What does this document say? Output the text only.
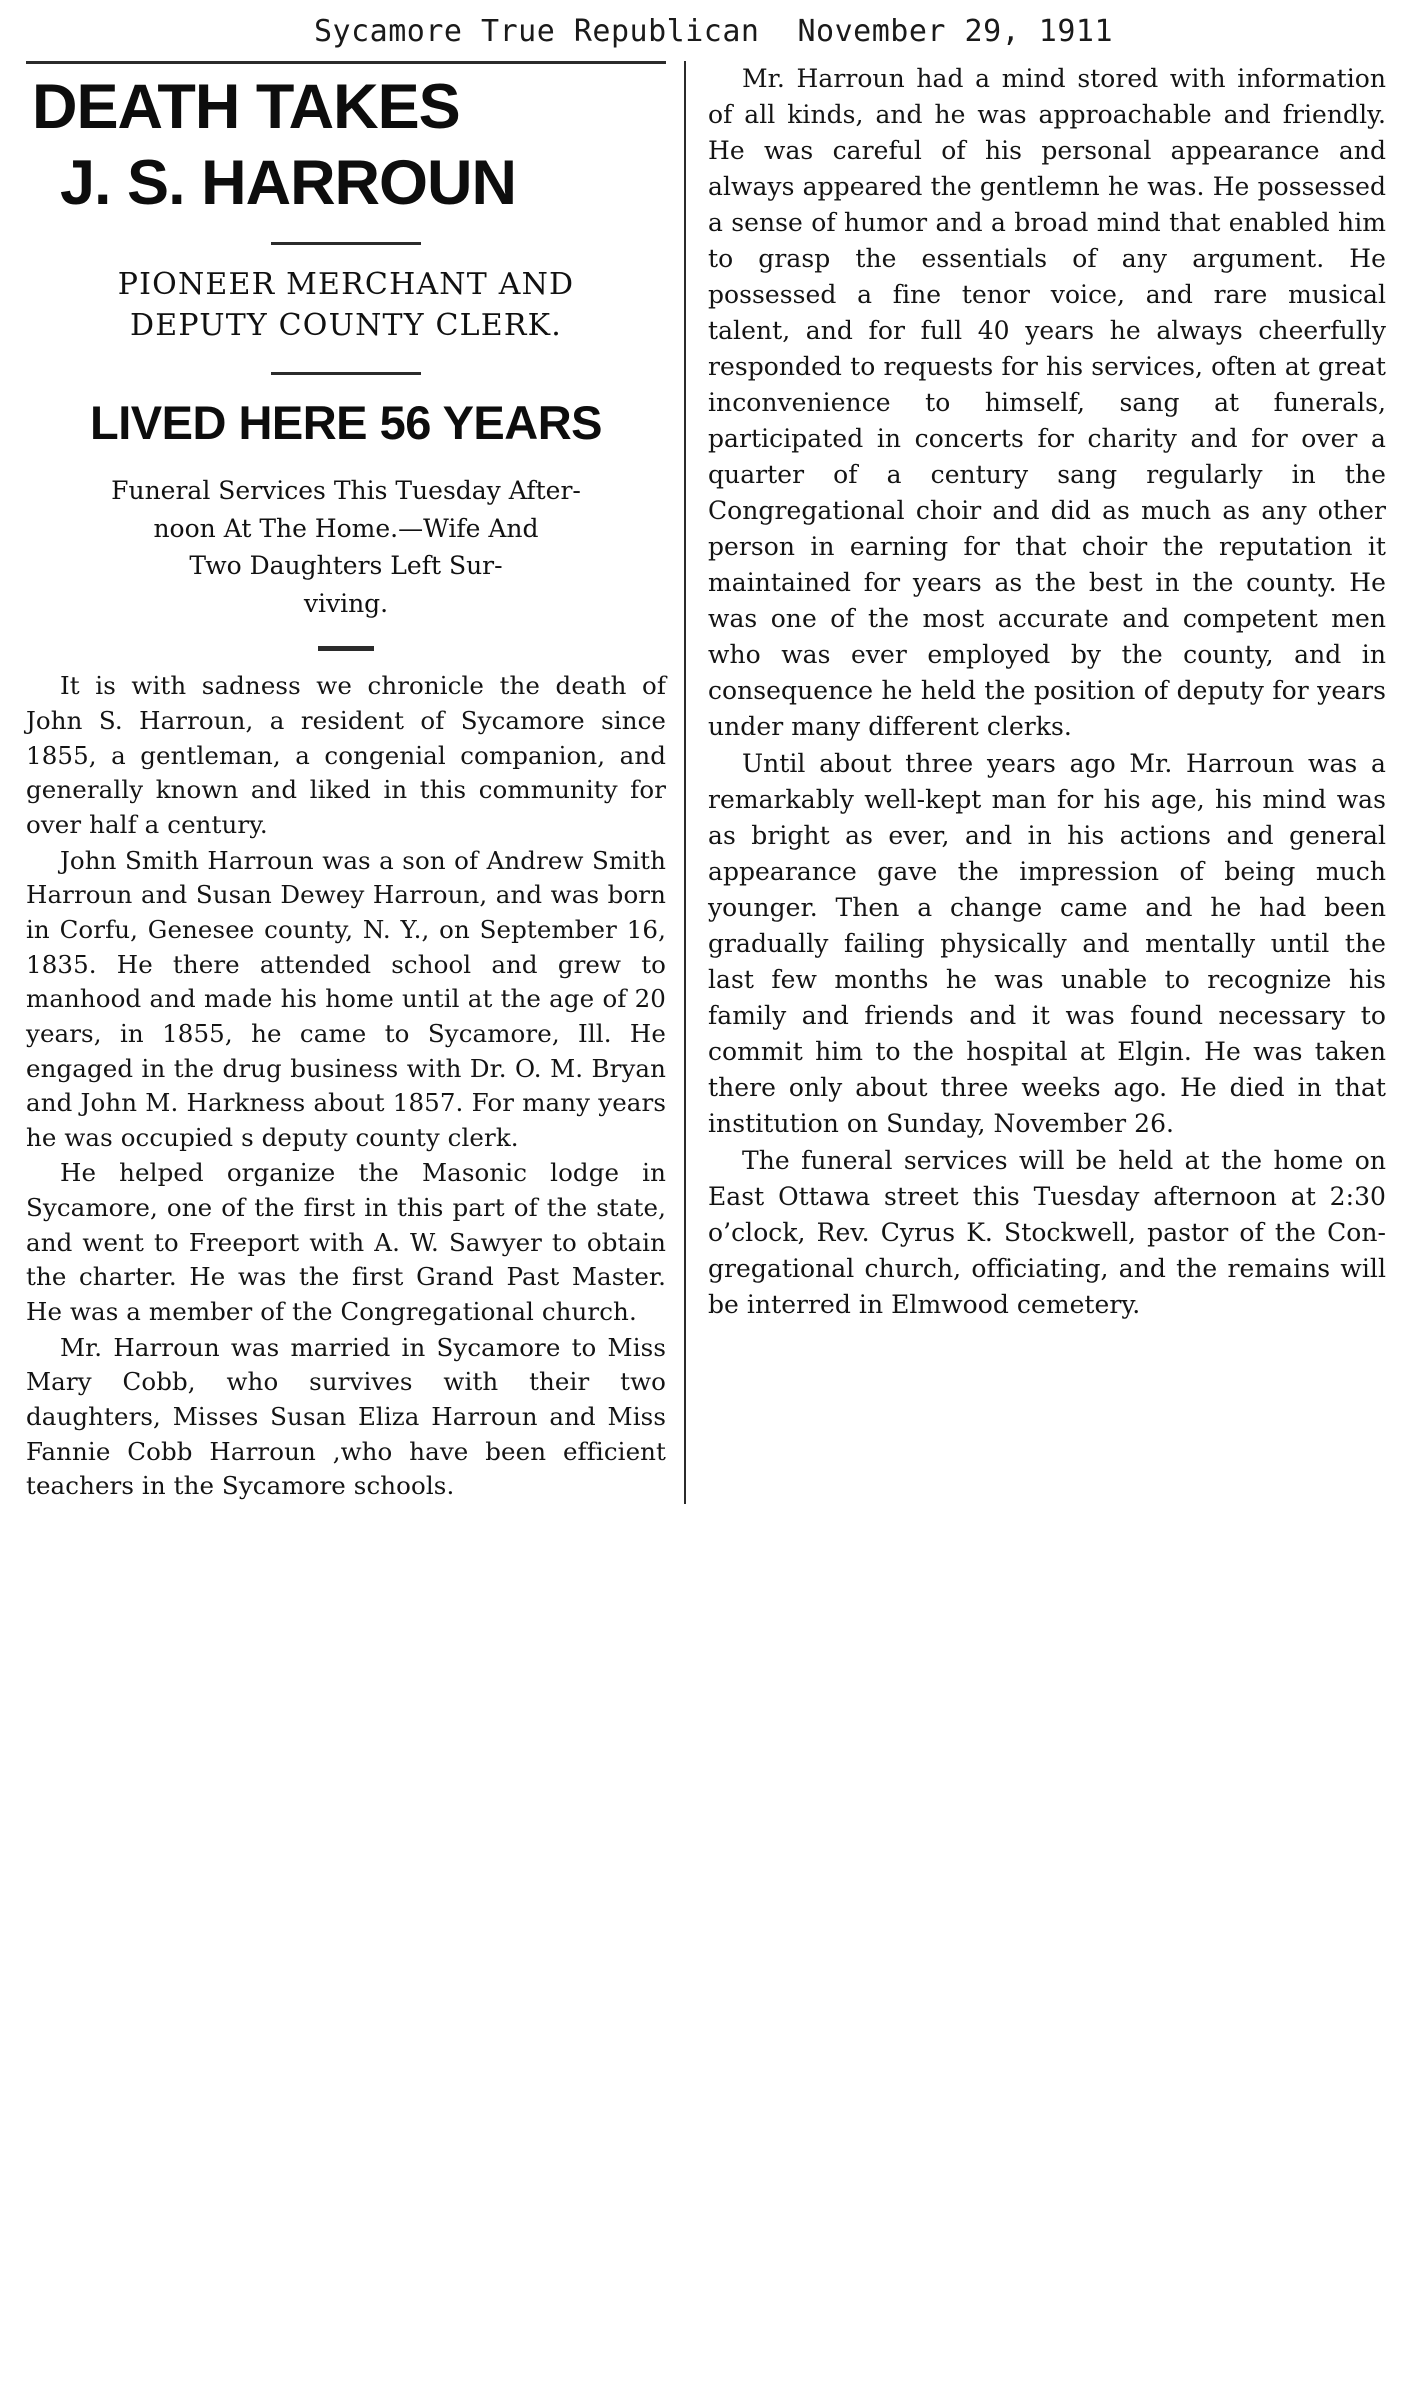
Sycamore True Republican November 29, 1911
DEATH TAKES
J. S. HARROUN
PIONEER MERCHANT AND
DEPUTY COUNTY CLERK.
LIVED HERE 56 YEARS
Funeral Services This Tuesday After-
noon At The Home.—Wife And
Two Daughters Left Sur-
viving.

It is with sadness we chronicle the death of John S. Harroun, a resident of Sycamore since 1855, a gentleman, a congenial companion, and generally known and liked in this community for over half a century.

John Smith Harroun was a son of Andrew Smith Harroun and Susan Dewey Harroun, and was born in Corfu, Genesee county, N. Y., on September 16, 1835. He there attended school and grew to manhood and made his home until at the age of 20 years, in 1855, he came to Sycamore, Ill. He engaged in the drug business with Dr. O. M. Bryan and John M. Harkness about 1857. For many years he was occupied s deputy county clerk.

He helped organize the Masonic lodge in Sycamore, one of the first in this part of the state, and went to Freeport with A. W. Sawyer to obtain the charter. He was the first Grand Past Master. He was a member of the Congregational church.

Mr. Harroun was married in Sycamore to Miss Mary Cobb, who survives with their two daughters, Misses Susan Eliza Harroun and Miss Fannie Cobb Harroun ,who have been efficient teachers in the Sycamore schools.

Mr. Harroun had a mind stored with information of all kinds, and he was approachable and friendly. He was careful of his personal appearance and always appeared the gentlemn he was. He possessed a sense of humor and a broad mind that enabled him to grasp the essentials of any argument. He possessed a fine tenor voice, and rare musical talent, and for full 40 years he always cheerfully responded to requests for his services, often at great inconvenience to himself, sang at funerals, participated in concerts for charity and for over a quarter of a century sang regularly in the Congregational choir and did as much as any other person in earning for that choir the reputation it maintained for years as the best in the county. He was one of the most accurate and competent men who was ever employed by the county, and in consequence he held the position of deputy for years under many different clerks.

Until about three years ago Mr. Harroun was a remarkably well-kept man for his age, his mind was as bright as ever, and in his actions and general appearance gave the impression of being much younger. Then a change came and he had been gradually failing physically and mentally until the last few months he was unable to recognize his family and friends and it was found necessary to commit him to the hospital at Elgin. He was taken there only about three weeks ago. He died in that institution on Sunday, November 26.

The funeral services will be held at the home on East Ottawa street this Tuesday afternoon at 2:30 o’clock, Rev. Cyrus K. Stockwell, pastor of the Congregational church, officiating, and the remains will be interred in Elmwood cemetery.
